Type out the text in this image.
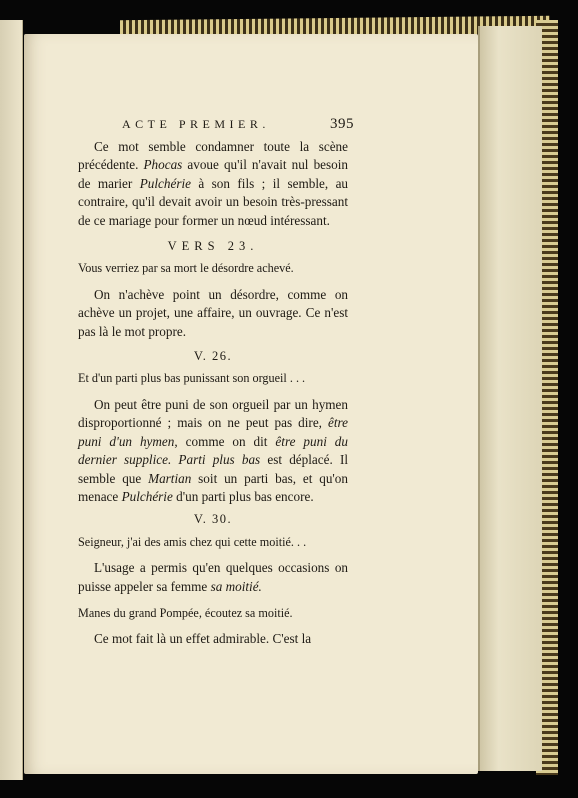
ACTE PREMIER.	395

Ce mot semble condamner toute la scène précédente. Phocas avoue qu'il n'avait nul besoin de marier Pulchérie à son fils ; il semble, au contraire, qu'il devait avoir un besoin très-pressant de ce mariage pour former un nœud intéressant.

VERS 23.

Vous verriez par sa mort le désordre achevé.

On n'achève point un désordre, comme on achève un projet, une affaire, un ouvrage. Ce n'est pas là le mot propre.

V. 26.

Et d'un parti plus bas punissant son orgueil . . .

On peut être puni de son orgueil par un hymen disproportionné ; mais on ne peut pas dire, être puni d'un hymen, comme on dit être puni du dernier supplice. Parti plus bas est déplacé. Il semble que Martian soit un parti bas, et qu'on menace Pulchérie d'un parti plus bas encore.

V. 30.

Seigneur, j'ai des amis chez qui cette moitié. . .

L'usage a permis qu'en quelques occasions on puisse appeler sa femme sa moitié.

Manes du grand Pompée, écoutez sa moitié.

Ce mot fait là un effet admirable. C'est la
